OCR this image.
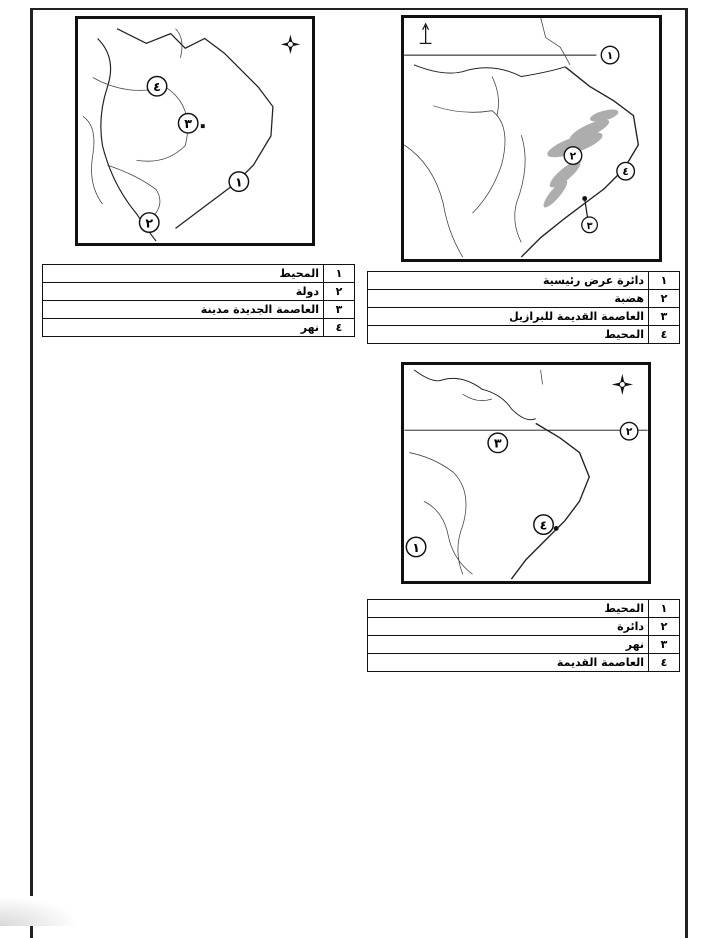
٤
٣
١
٢
١
٢
٣
٤
٢
٣
٤
١
١	المحيط
٢	دولة
٣	العاصمة الجديدة مدينة
٤	نهر
١	دائرة عرض رئيسية
٢	هضبة
٣	العاصمة القديمة للبرازيل
٤	المحيط
١	المحيط
٢	دائرة
٣	نهر
٤	العاصمة القديمة
